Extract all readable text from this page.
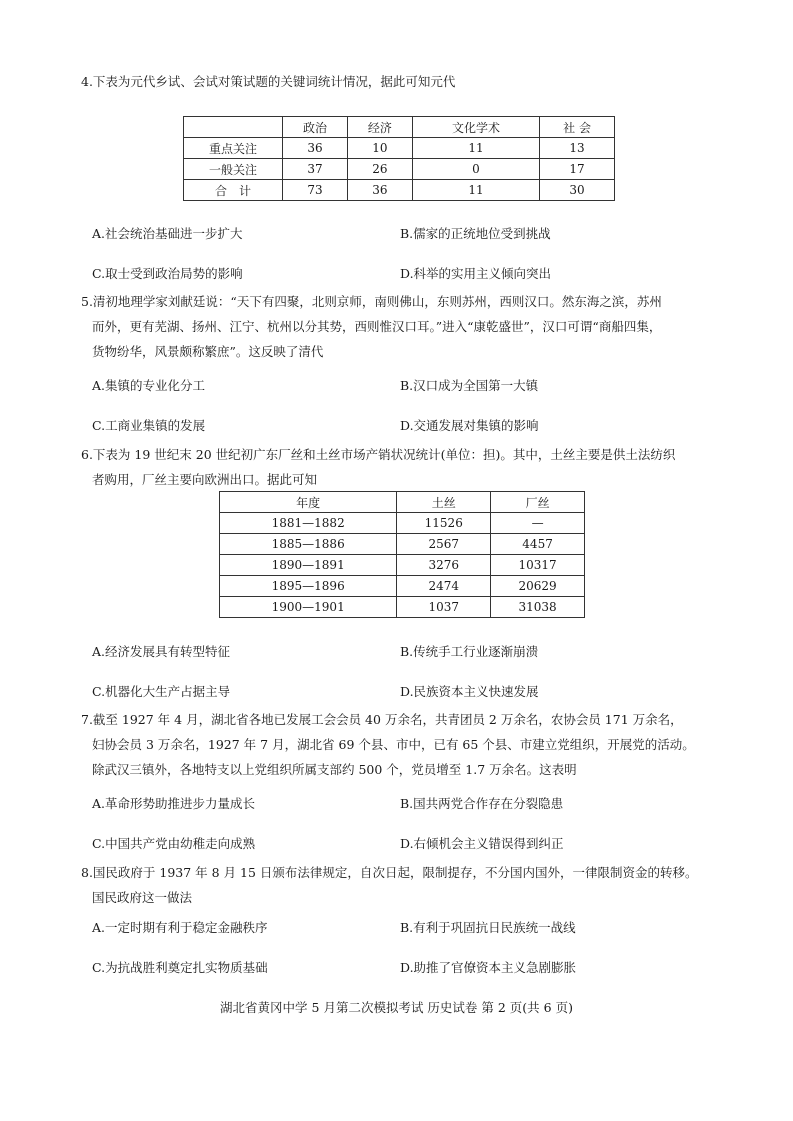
4.下表为元代乡试、会试对策试题的关键词统计情况，据此可知元代

	政治	经济	文化学术	社 会
重点关注	36	10	11	13
一般关注	37	26	0	17
合　计	73	36	11	30
A.社会统治基础进一步扩大	B.儒家的正统地位受到挑战
C.取士受到政治局势的影响	D.科举的实用主义倾向突出

5.清初地理学家刘献廷说：“天下有四聚，北则京师，南则佛山，东则苏州，西则汉口。然东海之滨，苏州

而外，更有芜湖、扬州、江宁、杭州以分其势，西则惟汉口耳。”进入“康乾盛世”，汉口可谓“商船四集，

货物纷华，风景颇称繁庶”。这反映了清代

A.集镇的专业化分工	B.汉口成为全国第一大镇
C.工商业集镇的发展	D.交通发展对集镇的影响

6.下表为 19 世纪末 20 世纪初广东厂丝和土丝市场产销状况统计(单位：担)。其中，土丝主要是供土法纺织

者购用，厂丝主要向欧洲出口。据此可知

年度	土丝	厂丝
1881—1882	11526	—
1885—1886	2567	4457
1890—1891	3276	10317
1895—1896	2474	20629
1900—1901	1037	31038
A.经济发展具有转型特征	B.传统手工行业逐渐崩溃
C.机器化大生产占据主导	D.民族资本主义快速发展

7.截至 1927 年 4 月，湖北省各地已发展工会会员 40 万余名，共青团员 2 万余名，农协会员 171 万余名，

妇协会员 3 万余名，1927 年 7 月，湖北省 69 个县、市中，已有 65 个县、市建立党组织，开展党的活动。

除武汉三镇外，各地特支以上党组织所属支部约 500 个，党员增至 1.7 万余名。这表明

A.革命形势助推进步力量成长	B.国共两党合作存在分裂隐患
C.中国共产党由幼稚走向成熟	D.右倾机会主义错误得到纠正

8.国民政府于 1937 年 8 月 15 日颁布法律规定，自次日起，限制提存，不分国内国外，一律限制资金的转移。

国民政府这一做法

A.一定时期有利于稳定金融秩序	B.有利于巩固抗日民族统一战线
C.为抗战胜利奠定扎实物质基础	D.助推了官僚资本主义急剧膨胀
湖北省黄冈中学 5 月第二次模拟考试 历史试卷 第 2 页(共 6 页)
